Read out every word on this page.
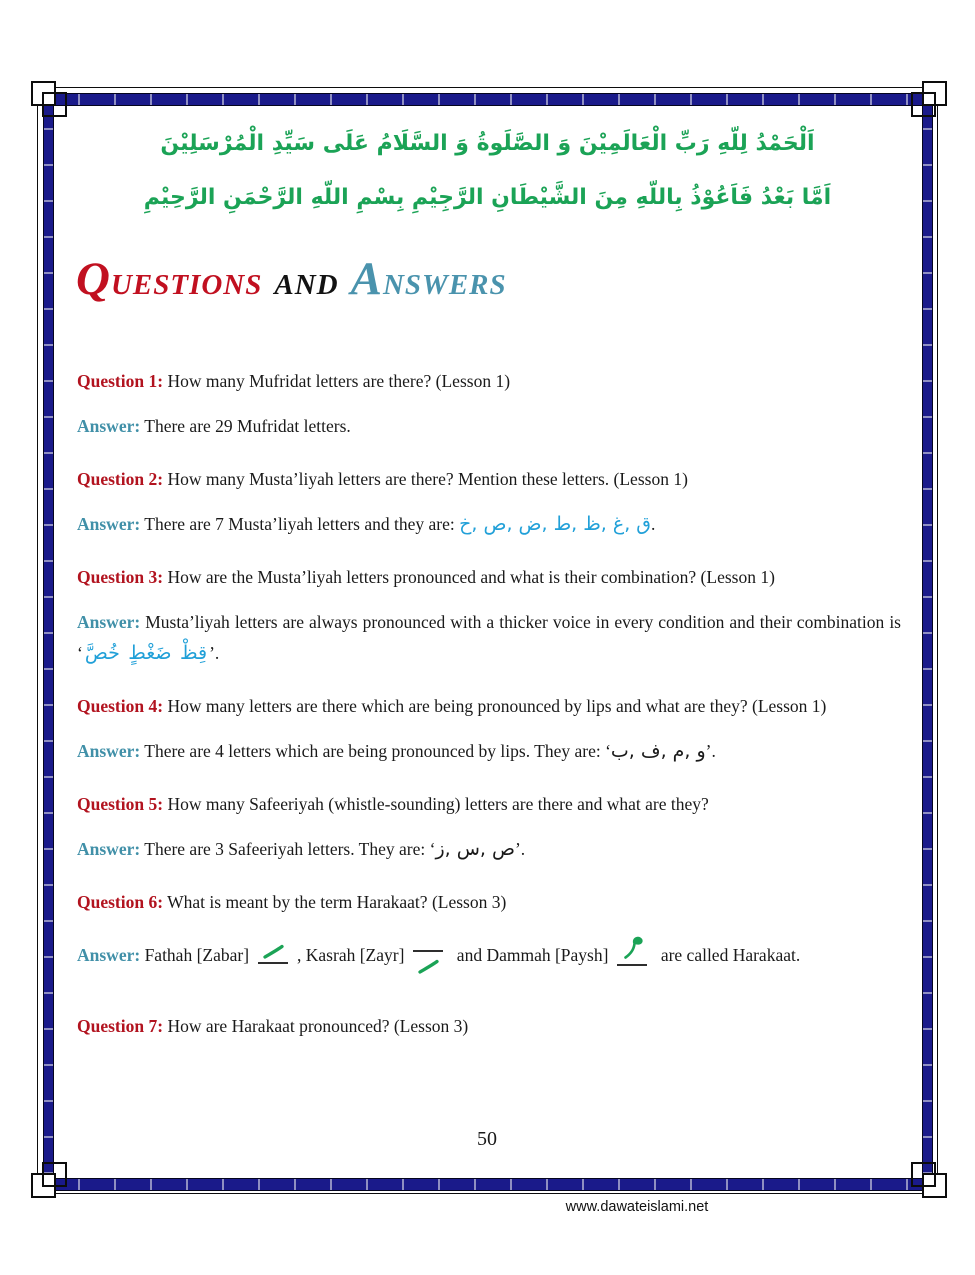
اَلْحَمْدُ لِلّهِ رَبِّ الْعَالَمِيْنَ وَ الصَّلَوةُ وَ السَّلَامُ عَلَى سَيِّدِ الْمُرْسَلِيْنَ

اَمَّا بَعْدُ فَاَعُوْذُ بِاللّهِ مِنَ الشَّيْطَانِ الرَّجِيْمِ بِسْمِ اللّهِ الرَّحْمَنِ الرَّحِيْمِ

QUESTIONS AND ANSWERS

Question 1: How many Mufridat letters are there? (Lesson 1)

Answer: There are 29 Mufridat letters.

Question 2: How many Musta’liyah letters are there? Mention these letters. (Lesson 1)

Answer: There are 7 Musta’liyah letters and they are: خ, ص, ض, ط, ظ, غ, ق.

Question 3: How are the Musta’liyah letters pronounced and what is their combination? (Lesson 1)

Answer: Musta’liyah letters are always pronounced with a thicker voice in every condition and their combination is ‘ خُصَّ ضَغْطٍ قِظْ ’.

Question 4: How many letters are there which are being pronounced by lips and what are they? (Lesson 1)

Answer: There are 4 letters which are being pronounced by lips. They are: ‘ب, ف, م, و’.

Question 5: How many Safeeriyah (whistle-sounding) letters are there and what are they?

Answer: There are 3 Safeeriyah letters. They are: ‘ز, س, ص’.

Question 6: What is meant by the term Harakaat? (Lesson 3)

Answer: Fathah [Zabar]	, Kasrah [Zayr]	and Dammah [Paysh]	are called Harakaat.

Question 7: How are Harakaat pronounced? (Lesson 3)

50
www.dawateislami.net
